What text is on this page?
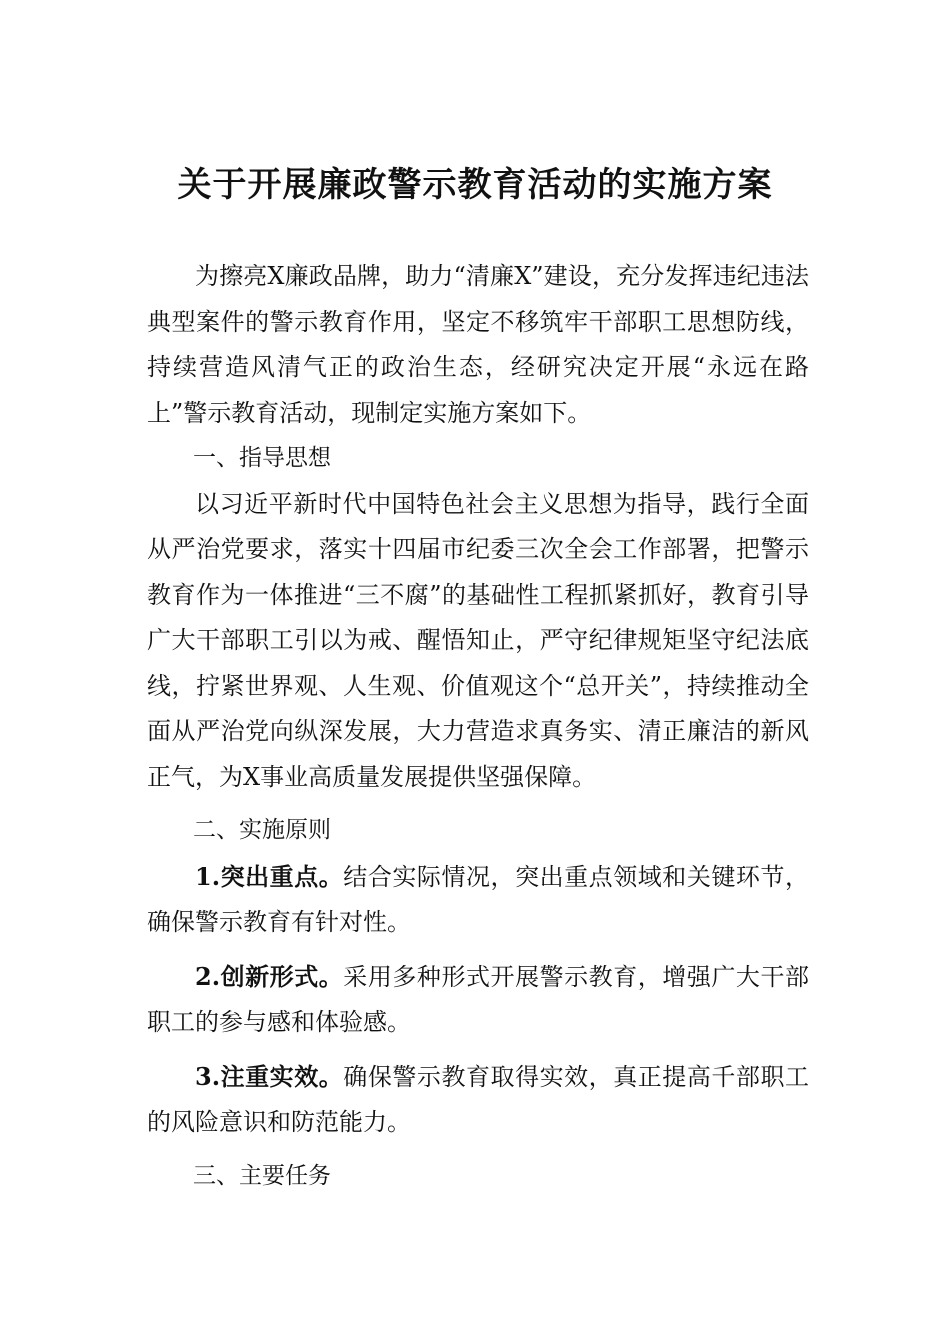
关于开展廉政警示教育活动的实施方案

为擦亮X廉政品牌，助力“清廉X”建设，充分发挥违纪违法典型案件的警示教育作用，坚定不移筑牢干部职工思想防线，持续营造风清气正的政治生态，经研究决定开展“永远在路上”警示教育活动，现制定实施方案如下。

一、指导思想

以习近平新时代中国特色社会主义思想为指导，践行全面从严治党要求，落实十四届市纪委三次全会工作部署，把警示教育作为一体推进“三不腐”的基础性工程抓紧抓好，教育引导广大干部职工引以为戒、醒悟知止，严守纪律规矩坚守纪法底线，拧紧世界观、人生观、价值观这个“总开关”，持续推动全面从严治党向纵深发展，大力营造求真务实、清正廉洁的新风正气，为X事业高质量发展提供坚强保障。

二、实施原则

1.突出重点。结合实际情况，突出重点领域和关键环节，确保警示教育有针对性。

2.创新形式。采用多种形式开展警示教育，增强广大干部职工的参与感和体验感。

3.注重实效。确保警示教育取得实效，真正提高千部职工的风险意识和防范能力。

三、主要任务
